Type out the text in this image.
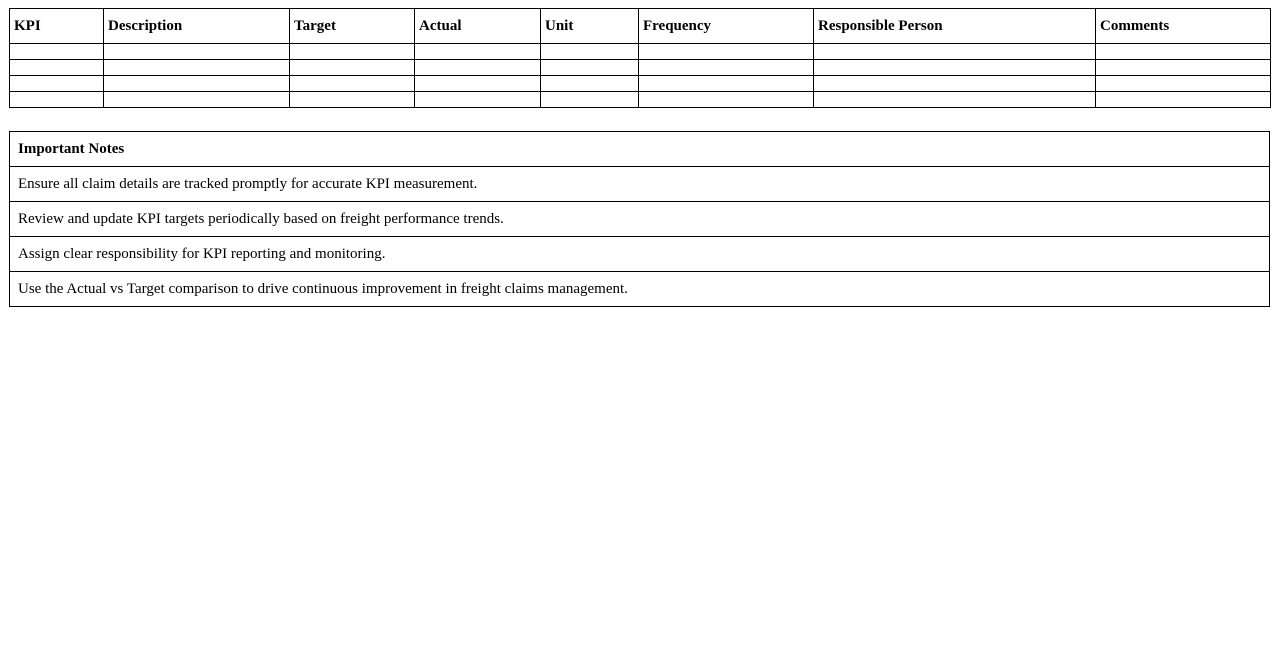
KPI	Description	Target	Actual	Unit	Frequency	Responsible Person	Comments

Important Notes
Ensure all claim details are tracked promptly for accurate KPI measurement.
Review and update KPI targets periodically based on freight performance trends.
Assign clear responsibility for KPI reporting and monitoring.
Use the Actual vs Target comparison to drive continuous improvement in freight claims management.
